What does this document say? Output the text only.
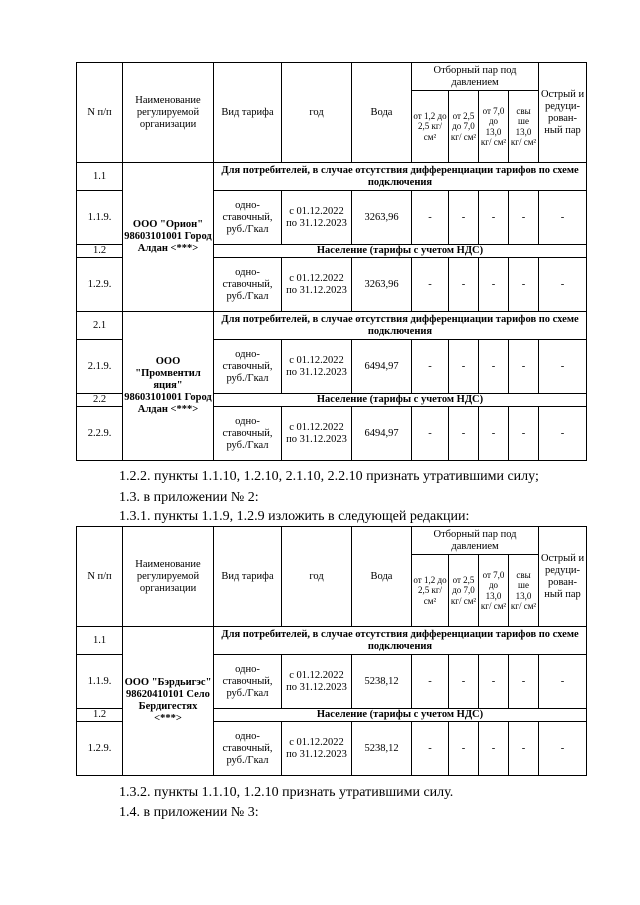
N п/п	Наименование регулируемой организации	Вид тарифа	год	Вода	Отборный пар под давлением				Острый и редуци- рован- ный пар
					от 1,2 до 2,5 кг/ см²	от 2,5 до 7,0 кг/ см²	от 7,0 до 13,0 кг/ см²	свы ше 13,0 кг/ см²	
1.1	ООО "Орион" 98603101001 Город Алдан <***>	Для потребителей, в случае отсутствия дифференциации тарифов по схеме подключения							
1.1.9.		одно- ставочный, руб./Гкал	с 01.12.2022 по 31.12.2023	3263,96	-	-	-	-	-
1.2		Население (тарифы с учетом НДС)							
1.2.9.		одно- ставочный, руб./Гкал	с 01.12.2022 по 31.12.2023	3263,96	-	-	-	-	-
2.1	ООО "Промвентил яция" 98603101001 Город Алдан <***>	Для потребителей, в случае отсутствия дифференциации тарифов по схеме подключения							
2.1.9.		одно- ставочный, руб./Гкал	с 01.12.2022 по 31.12.2023	6494,97	-	-	-	-	-
2.2		Население (тарифы с учетом НДС)							
2.2.9.		одно- ставочный, руб./Гкал	с 01.12.2022 по 31.12.2023	6494,97	-	-	-	-	-
1.2.2. пункты 1.1.10, 1.2.10, 2.1.10, 2.2.10 признать утратившими силу;
1.3. в приложении № 2:
1.3.1. пункты 1.1.9, 1.2.9 изложить в следующей редакции:
N п/п	Наименование регулируемой организации	Вид тарифа	год	Вода	Отборный пар под давлением				Острый и редуци- рован- ный пар
					от 1,2 до 2,5 кг/ см²	от 2,5 до 7,0 кг/ см²	от 7,0 до 13,0 кг/ см²	свы ше 13,0 кг/ см²	
1.1	ООО "Бэрдьигэс" 98620410101 Село Бердигестях <***>	Для потребителей, в случае отсутствия дифференциации тарифов по схеме подключения							
1.1.9.		одно- ставочный, руб./Гкал	с 01.12.2022 по 31.12.2023	5238,12	-	-	-	-	-
1.2		Население (тарифы с учетом НДС)							
1.2.9.		одно- ставочный, руб./Гкал	с 01.12.2022 по 31.12.2023	5238,12	-	-	-	-	-
1.3.2. пункты 1.1.10, 1.2.10 признать утратившими силу.
1.4. в приложении № 3:
